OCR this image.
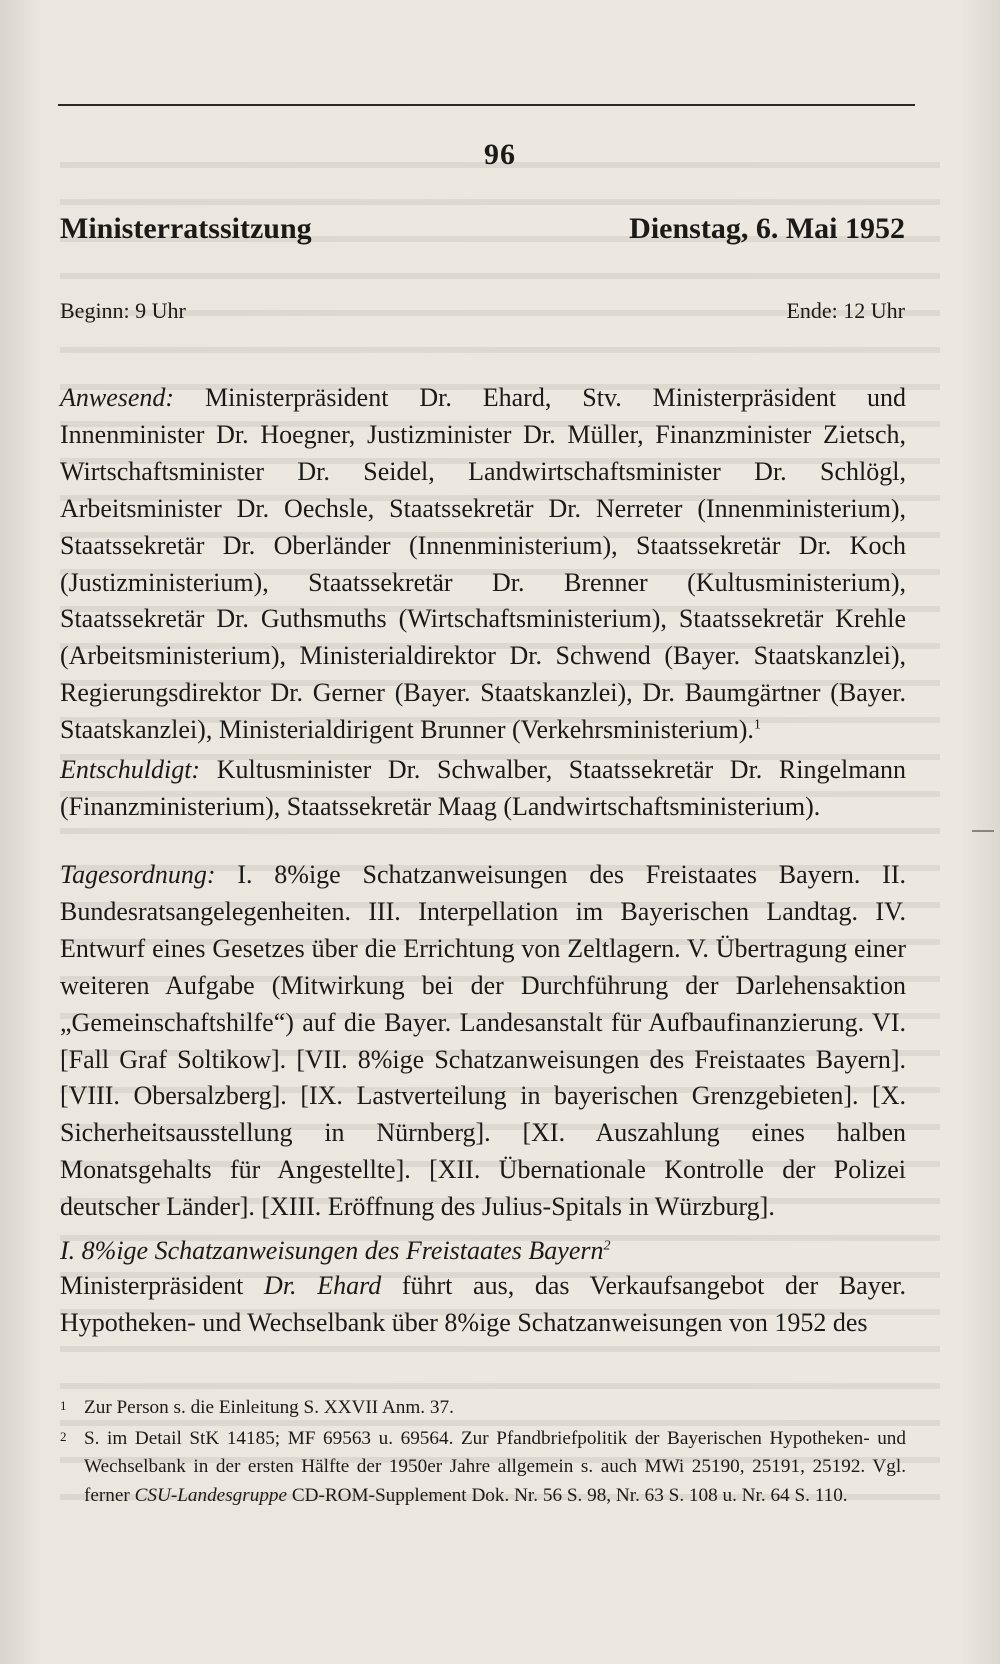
96
Ministerratssitzung	Dienstag, 6. Mai 1952
Beginn: 9 Uhr	Ende: 12 Uhr
Anwesend: Ministerpräsident Dr. Ehard, Stv. Ministerpräsident und Innenminister Dr. Hoegner, Justizminister Dr. Müller, Finanzminister Zietsch, Wirtschaftsminister Dr. Seidel, Landwirtschaftsminister Dr. Schlögl, Arbeitsminister Dr. Oechsle, Staatssekretär Dr. Nerreter (Innenministerium), Staatssekretär Dr. Oberländer (Innenministerium), Staatssekretär Dr. Koch (Justizministerium), Staatssekretär Dr. Brenner (Kultusministerium), Staatssekretär Dr. Guthsmuths (Wirtschaftsministerium), Staatssekretär Krehle (Arbeitsministerium), Ministerialdirektor Dr. Schwend (Bayer. Staatskanzlei), Regierungsdirektor Dr. Gerner (Bayer. Staatskanzlei), Dr. Baumgärtner (Bayer. Staatskanzlei), Ministerialdirigent Brunner (Verkehrsministerium).$^1$
Entschuldigt: Kultusminister Dr. Schwalber, Staatssekretär Dr. Ringelmann (Finanzministerium), Staatssekretär Maag (Landwirtschaftsministerium).
Tagesordnung: I. 8%ige Schatzanweisungen des Freistaates Bayern. II. Bundesratsangelegenheiten. III. Interpellation im Bayerischen Landtag. IV. Entwurf eines Gesetzes über die Errichtung von Zeltlagern. V. Übertragung einer weiteren Aufgabe (Mitwirkung bei der Durchführung der Darlehensaktion „Gemeinschaftshilfe“) auf die Bayer. Landesanstalt für Aufbaufinanzierung. VI. [Fall Graf Soltikow]. [VII. 8%ige Schatzanweisungen des Freistaates Bayern]. [VIII. Obersalzberg]. [IX. Lastverteilung in bayerischen Grenzgebieten]. [X. Sicherheitsausstellung in Nürnberg]. [XI. Auszahlung eines halben Monatsgehalts für Angestellte]. [XII. Übernationale Kontrolle der Polizei deutscher Länder]. [XIII. Eröffnung des Julius-Spitals in Würzburg].
I. 8%ige Schatzanweisungen des Freistaates Bayern$^2$
Ministerpräsident Dr. Ehard führt aus, das Verkaufsangebot der Bayer. Hypotheken- und Wechselbank über 8%ige Schatzanweisungen von 1952 des
1 Zur Person s. die Einleitung S. XXVII Anm. 37.
2 S. im Detail StK 14185; MF 69563 u. 69564. Zur Pfandbriefpolitik der Bayerischen Hypotheken- und Wechselbank in der ersten Hälfte der 1950er Jahre allgemein s. auch MWi 25190, 25191, 25192. Vgl. ferner CSU-Landesgruppe CD-ROM-Supplement Dok. Nr. 56 S. 98, Nr. 63 S. 108 u. Nr. 64 S. 110.
